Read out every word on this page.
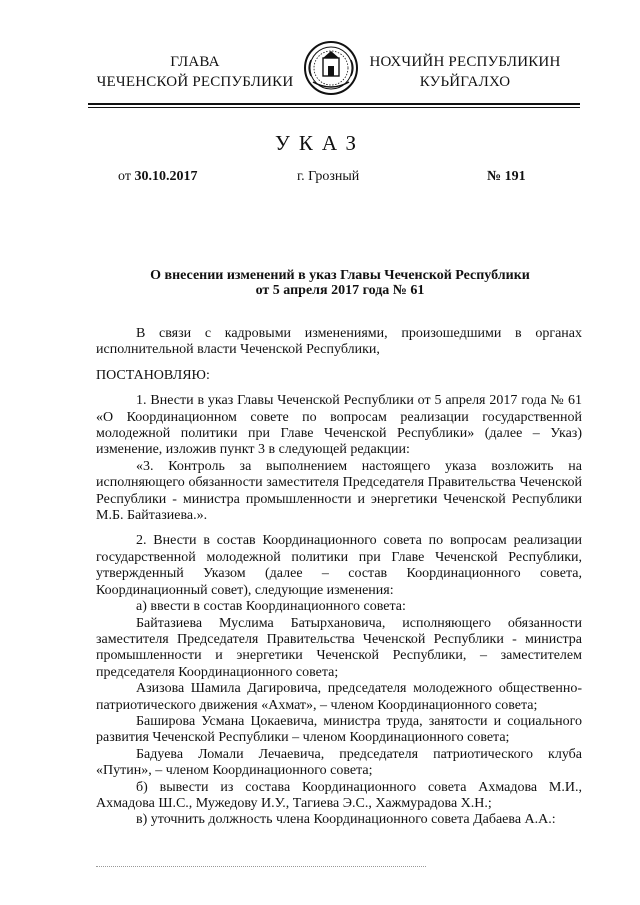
ГЛАВА
ЧЕЧЕНСКОЙ РЕСПУБЛИКИ
НОХЧИЙН РЕСПУБЛИКИН
КУЬЙГАЛХО
УКАЗ
от 30.10.2017	г. Грозный	№ 191
О внесении изменений в указ Главы Чеченской Республики
от 5 апреля 2017 года № 61

В связи с кадровыми изменениями, произошедшими в органах исполнительной власти Чеченской Республики,

ПОСТАНОВЛЯЮ:

1. Внести в указ Главы Чеченской Республики от 5 апреля 2017 года № 61 «О Координационном совете по вопросам реализации государственной молодежной политики при Главе Чеченской Республики» (далее – Указ) изменение, изложив пункт 3 в следующей редакции:

«3. Контроль за выполнением настоящего указа возложить на исполняющего обязанности заместителя Председателя Правительства Чеченской Республики - министра промышленности и энергетики Чеченской Республики М.Б. Байтазиева.».

2. Внести в состав Координационного совета по вопросам реализации государственной молодежной политики при Главе Чеченской Республики, утвержденный Указом (далее – состав Координационного совета, Координационный совет), следующие изменения:

а) ввести в состав Координационного совета:

Байтазиева Муслима Батырхановича, исполняющего обязанности заместителя Председателя Правительства Чеченской Республики - министра промышленности и энергетики Чеченской Республики, – заместителем председателя Координационного совета;

Азизова Шамила Дагировича, председателя молодежного общественно-патриотического движения «Ахмат», – членом Координационного совета;

Баширова Усмана Цокаевича, министра труда, занятости и социального развития Чеченской Республики – членом Координационного совета;

Бадуева Ломали Лечаевича, председателя патриотического клуба «Путин», – членом Координационного совета;

б) вывести из состава Координационного совета Ахмадова М.И., Ахмадова Ш.С., Мужедову И.У., Тагиева Э.С., Хажмурадова Х.Н.;

в) уточнить должность члена Координационного совета Дабаева А.А.:
